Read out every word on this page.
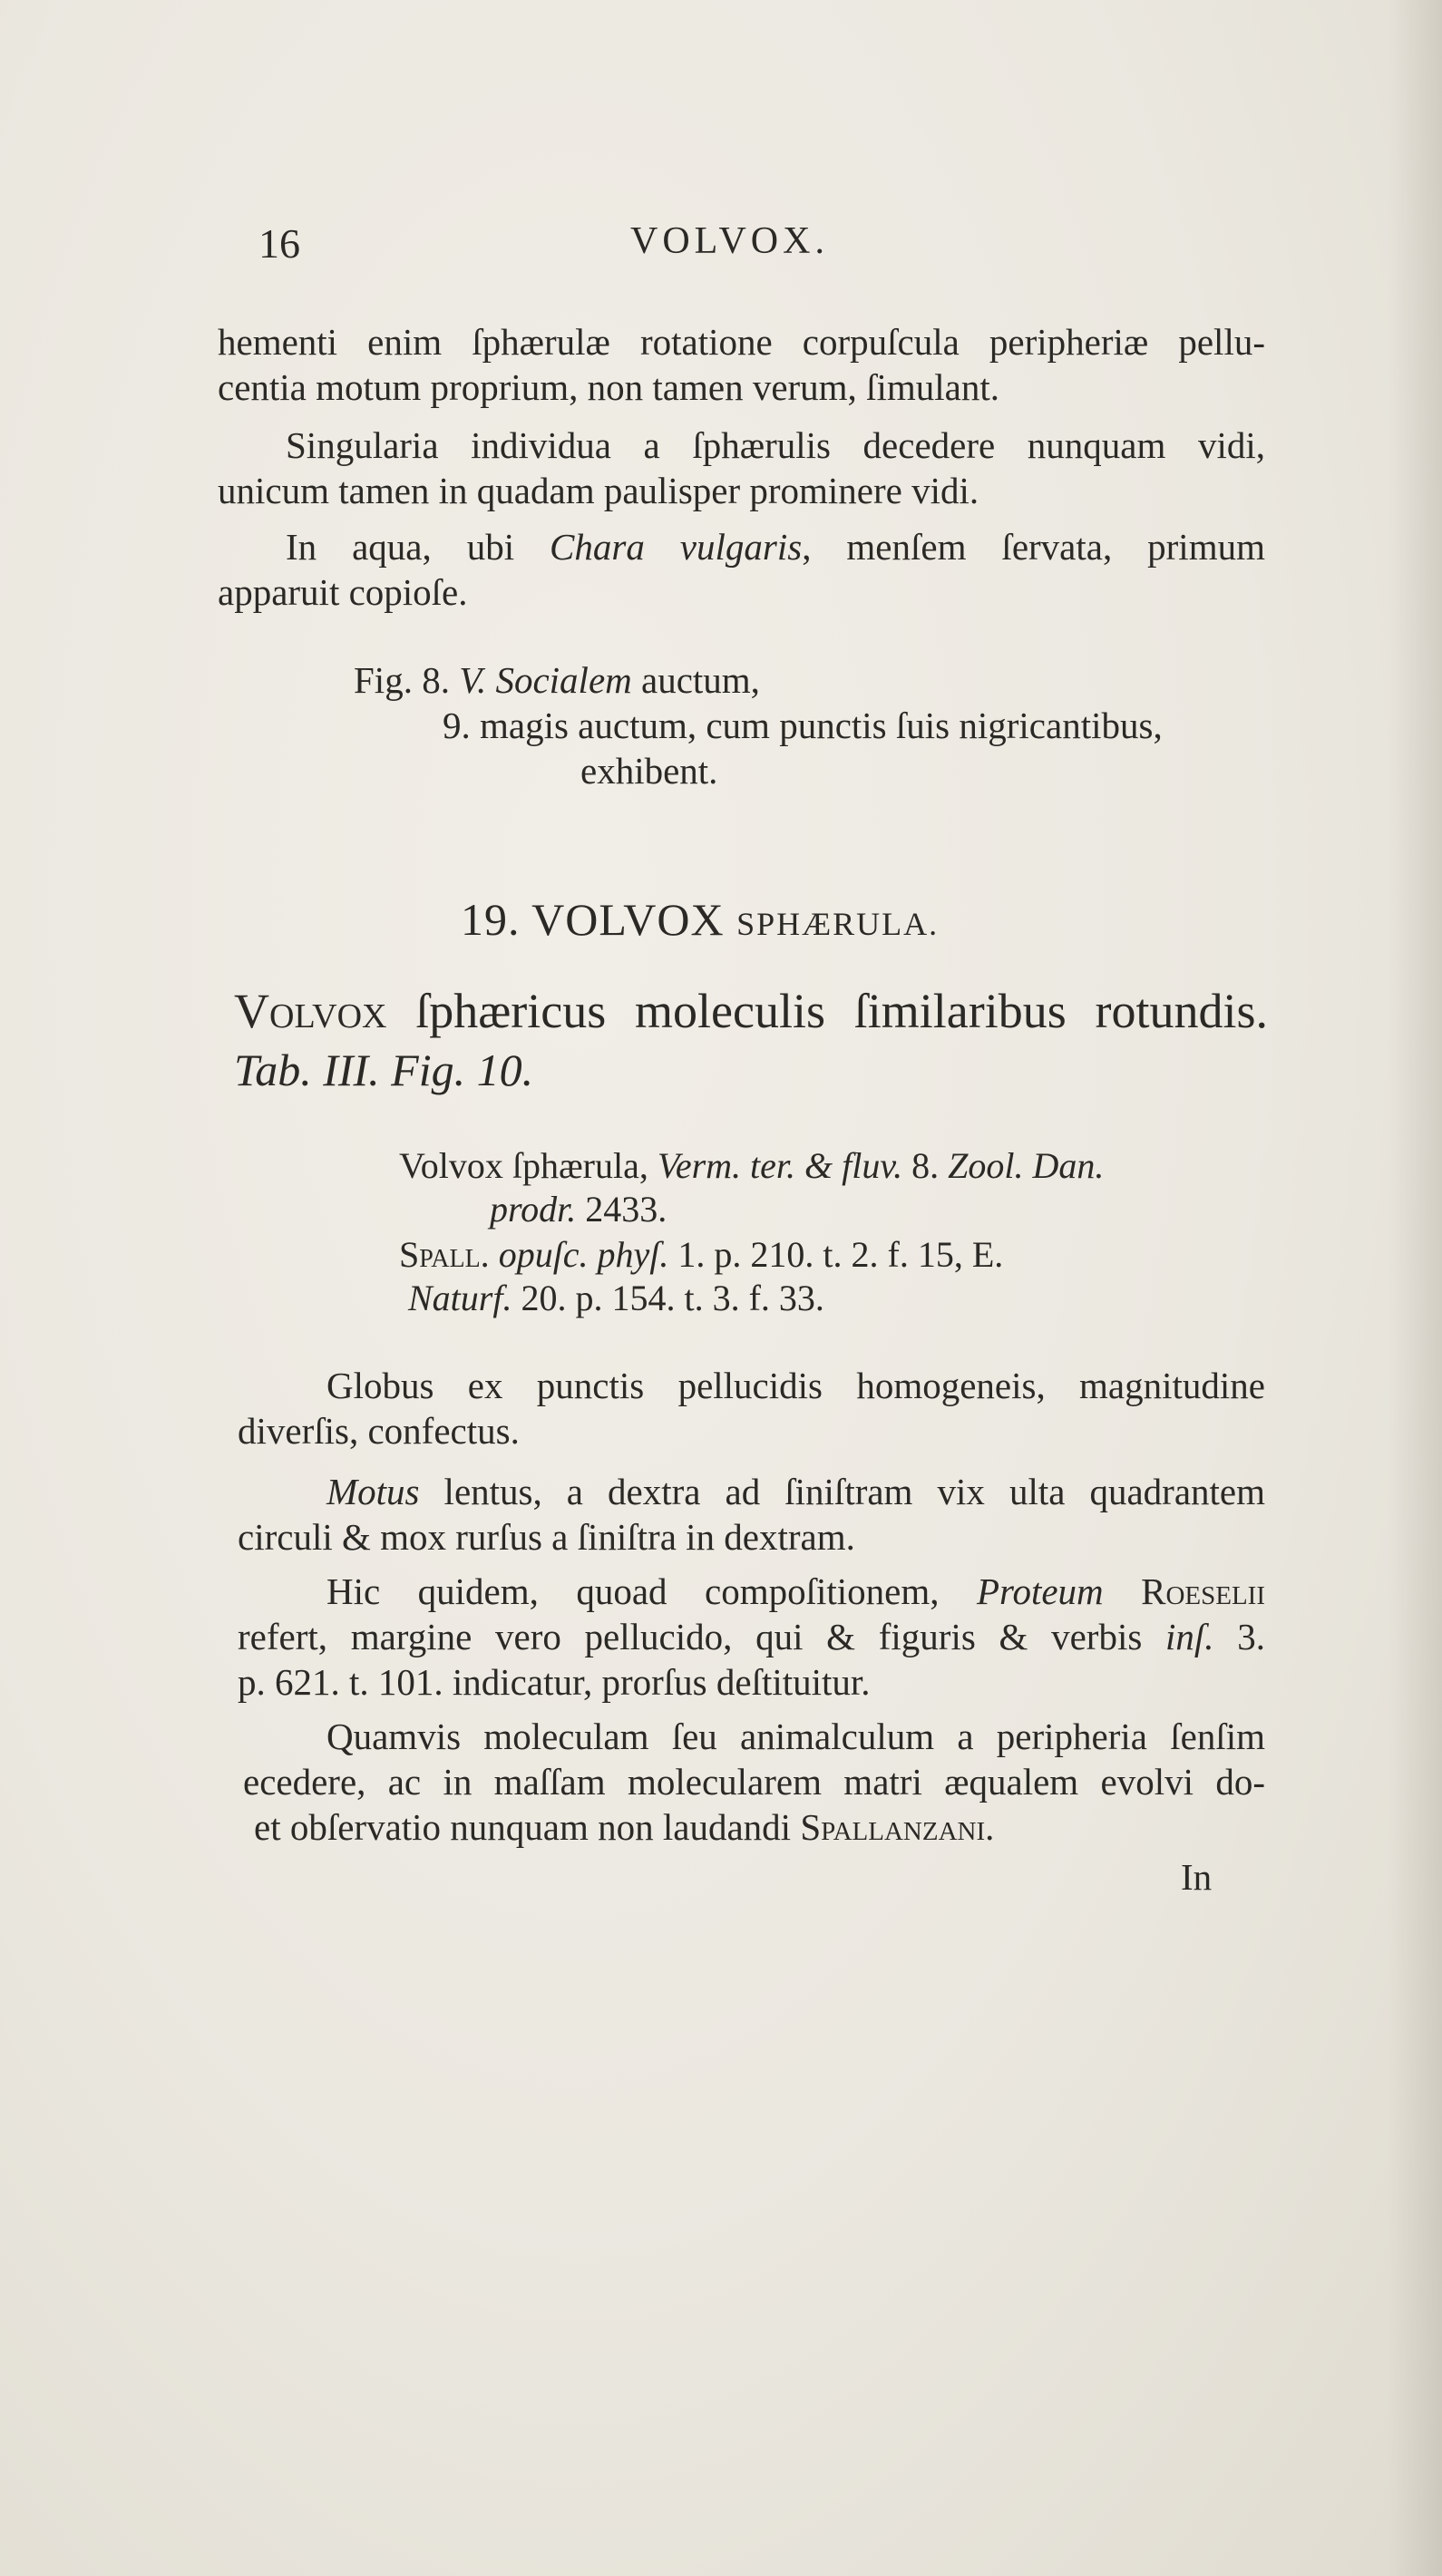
16	VOLVOX.
hementi enim ſphærulæ rotatione corpuſcula peripheriæ pellu-
centia motum proprium, non tamen verum, ſimulant.
Singularia individua a ſphærulis decedere nunquam vidi,
unicum tamen in quadam paulisper prominere vidi.
In aqua, ubi Chara vulgaris, menſem ſervata, primum
apparuit copioſe.
Fig. 8. V. Socialem auctum,
9. magis auctum, cum punctis ſuis nigricantibus,
exhibent.
19. VOLVOX SPHÆRULA.
Volvox ſphæricus moleculis ſimilaribus rotundis.
Tab. III. Fig. 10.
Volvox ſphærula, Verm. ter. & fluv. 8. Zool. Dan.
prodr. 2433.
Spall. opuſc. phyſ. 1. p. 210. t. 2. f. 15, E.
Naturf. 20. p. 154. t. 3. f. 33.
Globus ex punctis pellucidis homogeneis, magnitudine
diverſis, confectus.
Motus lentus, a dextra ad ſiniſtram vix ulta quadrantem
circuli & mox rurſus a ſiniſtra in dextram.
Hic quidem, quoad compoſitionem, Proteum Roeselii
refert, margine vero pellucido, qui & figuris & verbis inſ. 3.
p. 621. t. 101. indicatur, prorſus deſtituitur.
Quamvis moleculam ſeu animalculum a peripheria ſenſim
ecedere, ac in maſſam molecularem matri æqualem evolvi do-
et obſervatio nunquam non laudandi Spallanzani.
In
